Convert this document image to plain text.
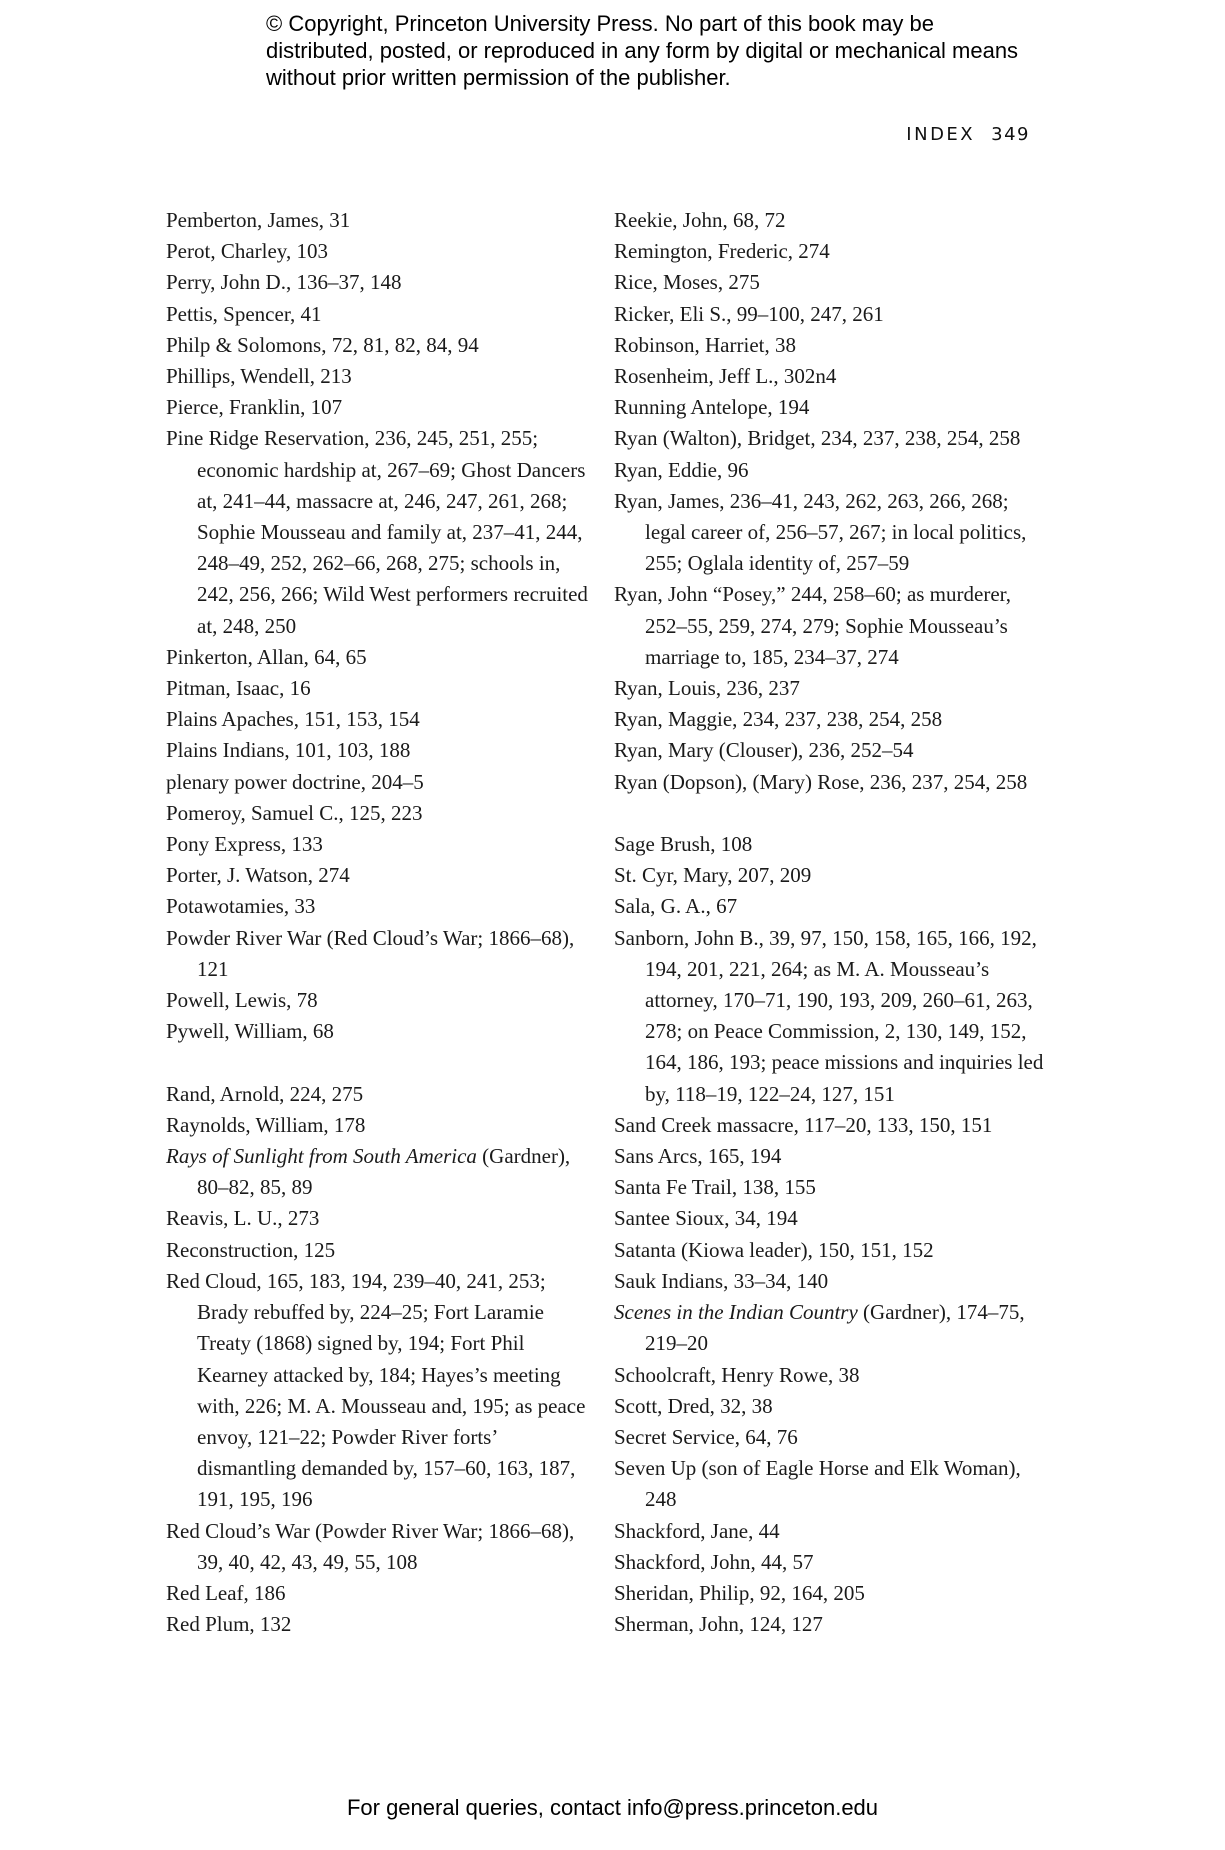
© Copyright, Princeton University Press. No part of this book may be distributed, posted, or reproduced in any form by digital or mechanical means without prior written permission of the publisher.
INDEX 349
Pemberton, James, 31
Perot, Charley, 103
Perry, John D., 136–37, 148
Pettis, Spencer, 41
Philp & Solomons, 72, 81, 82, 84, 94
Phillips, Wendell, 213
Pierce, Franklin, 107
Pine Ridge Reservation, 236, 245, 251, 255; economic hardship at, 267–69; Ghost Dancers at, 241–44, massacre at, 246, 247, 261, 268; Sophie Mousseau and family at, 237–41, 244, 248–49, 252, 262–66, 268, 275; schools in, 242, 256, 266; Wild West performers recruited at, 248, 250
Pinkerton, Allan, 64, 65
Pitman, Isaac, 16
Plains Apaches, 151, 153, 154
Plains Indians, 101, 103, 188
plenary power doctrine, 204–5
Pomeroy, Samuel C., 125, 223
Pony Express, 133
Porter, J. Watson, 274
Potawotamies, 33
Powder River War (Red Cloud’s War; 1866–68), 121
Powell, Lewis, 78
Pywell, William, 68
Rand, Arnold, 224, 275
Raynolds, William, 178
Rays of Sunlight from South America (Gardner), 80–82, 85, 89
Reavis, L. U., 273
Reconstruction, 125
Red Cloud, 165, 183, 194, 239–40, 241, 253; Brady rebuffed by, 224–25; Fort Laramie Treaty (1868) signed by, 194; Fort Phil Kearney attacked by, 184; Hayes’s meeting with, 226; M. A. Mousseau and, 195; as peace envoy, 121–22; Powder River forts’ dismantling demanded by, 157–60, 163, 187, 191, 195, 196
Red Cloud’s War (Powder River War; 1866–68), 39, 40, 42, 43, 49, 55, 108
Red Leaf, 186
Red Plum, 132
Reekie, John, 68, 72
Remington, Frederic, 274
Rice, Moses, 275
Ricker, Eli S., 99–100, 247, 261
Robinson, Harriet, 38
Rosenheim, Jeff L., 302n4
Running Antelope, 194
Ryan (Walton), Bridget, 234, 237, 238, 254, 258
Ryan, Eddie, 96
Ryan, James, 236–41, 243, 262, 263, 266, 268; legal career of, 256–57, 267; in local politics, 255; Oglala identity of, 257–59
Ryan, John “Posey,” 244, 258–60; as murderer, 252–55, 259, 274, 279; Sophie Mousseau’s marriage to, 185, 234–37, 274
Ryan, Louis, 236, 237
Ryan, Maggie, 234, 237, 238, 254, 258
Ryan, Mary (Clouser), 236, 252–54
Ryan (Dopson), (Mary) Rose, 236, 237, 254, 258
Sage Brush, 108
St. Cyr, Mary, 207, 209
Sala, G. A., 67
Sanborn, John B., 39, 97, 150, 158, 165, 166, 192, 194, 201, 221, 264; as M. A. Mousseau’s attorney, 170–71, 190, 193, 209, 260–61, 263, 278; on Peace Commission, 2, 130, 149, 152, 164, 186, 193; peace missions and inquiries led by, 118–19, 122–24, 127, 151
Sand Creek massacre, 117–20, 133, 150, 151
Sans Arcs, 165, 194
Santa Fe Trail, 138, 155
Santee Sioux, 34, 194
Satanta (Kiowa leader), 150, 151, 152
Sauk Indians, 33–34, 140
Scenes in the Indian Country (Gardner), 174–75, 219–20
Schoolcraft, Henry Rowe, 38
Scott, Dred, 32, 38
Secret Service, 64, 76
Seven Up (son of Eagle Horse and Elk Woman), 248
Shackford, Jane, 44
Shackford, John, 44, 57
Sheridan, Philip, 92, 164, 205
Sherman, John, 124, 127
For general queries, contact info@press.princeton.edu
